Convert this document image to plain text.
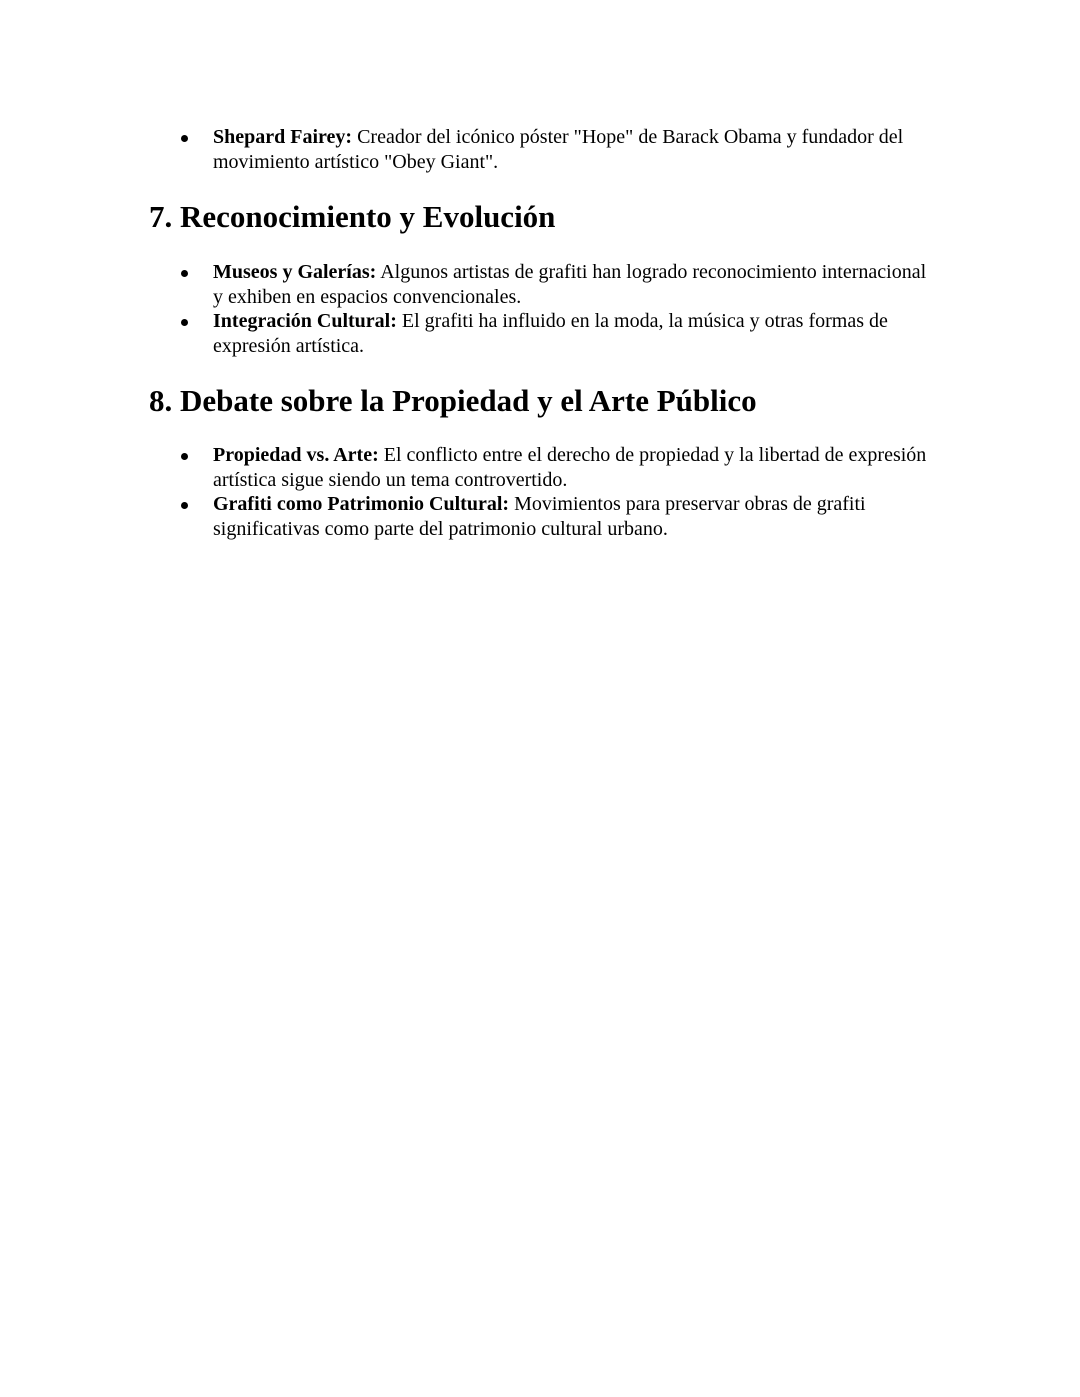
Shepard Fairey: Creador del icónico póster "Hope" de Barack Obama y fundador del movimiento artístico "Obey Giant".
7. Reconocimiento y Evolución
Museos y Galerías: Algunos artistas de grafiti han logrado reconocimiento internacional y exhiben en espacios convencionales.
Integración Cultural: El grafiti ha influido en la moda, la música y otras formas de expresión artística.
8. Debate sobre la Propiedad y el Arte Público
Propiedad vs. Arte: El conflicto entre el derecho de propiedad y la libertad de expresión artística sigue siendo un tema controvertido.
Grafiti como Patrimonio Cultural: Movimientos para preservar obras de grafiti significativas como parte del patrimonio cultural urbano.
